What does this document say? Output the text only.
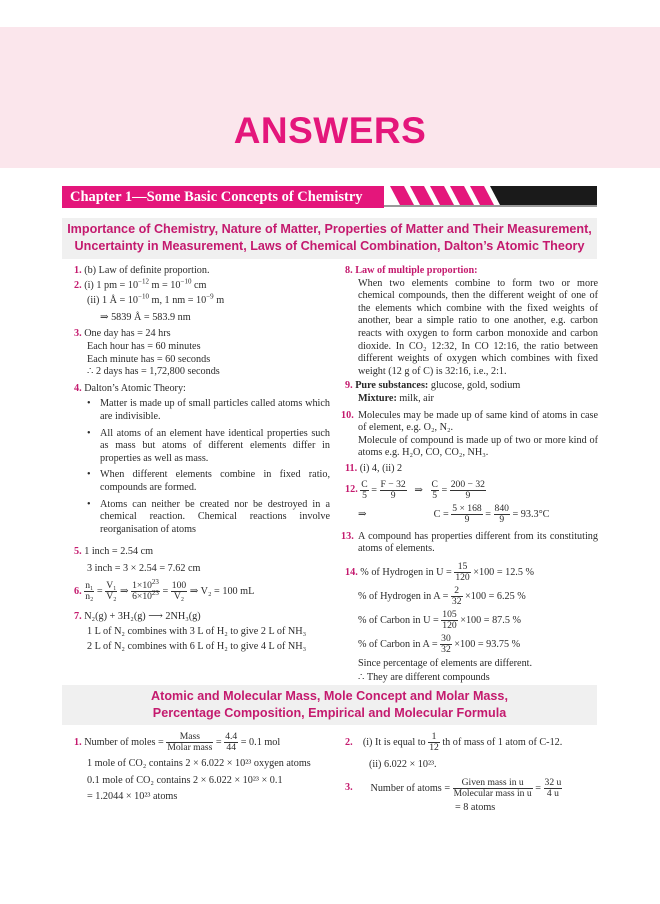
ANSWERS
Chapter 1—Some Basic Concepts of Chemistry
Importance of Chemistry, Nature of Matter, Properties of Matter and Their Measurement,
Uncertainty in Measurement, Laws of Chemical Combination, Dalton’s Atomic Theory
1. (b) Law of definite proportion.
2. (i) 1 pm = $10^{-12}$ $m = 10^{-10}$ cm
(ii) 1 Å = $10^{-10}$ m, 1 nm = $10^{-9}$ m
⇒ 5839 Å = 583.9 nm
3. One day has = 24 hrs
Each hour has = 60 minutes
Each minute has = 60 seconds
∴ 2 days has = 1,72,800 seconds
4. Dalton’s Atomic Theory:
• Matter is made up of small particles called atoms which are indivisible.
• All atoms of an element have identical properties such as mass but atoms of different elements differ in properties as well as mass.
• When different elements combine in fixed ratio, compounds are formed.
• Atoms can neither be created nor be destroyed in a chemical reaction. Chemical reactions involve reorganisation of atoms
5. 1 inch = 2.54 cm
3 inch = 3 × 2.54 = 7.62 cm
6. $\frac{\text{n₁}}{\text{n₂}} = \frac{\text{V₁}}{\text{V₂}}$ ⇒ $\frac{1\times 10^{23}}{6\times 10^{23}} = \frac{100}{\text{V₂}}$ ⇒ V₂ = 100 mL
7. N₂(g) + 3H₂(g) ⟶ 2NH₃(g)
1 L of N₂ combines with 3 L of H₂ to give 2 L of NH₃
2 L of N₂ combines with 6 L of H₂ to give 4 L of NH₃
8. Law of multiple proportion:
When two elements combine to form two or more chemical compounds, then the different weight of one of the elements which combine with the fixed weights of another, bear a simple ratio to one another, e.g. carbon reacts with oxygen to form carbon monoxide and carbon dioxide. In CO₂ 12:32, In CO 12:16, the ratio between different weights of oxygen which combines with fixed weight (12 g of C) is 32:16, i.e., 2:1.
9. Pure substances: glucose, gold, sodium
Mixture: milk, air
10. Molecules may be made up of same kind of atoms in case of element, e.g. O₂, N₂.
Molecule of compound is made up of two or more kind of atoms e.g. H₂O, CO, CO₂, NH₃.
11. (i) 4, (ii) 2
12. $\frac{C}{5} = \frac{F - 32}{9}$ ⇒ $\frac{C}{5} = \frac{200 - 32}{9}$
⇒	$C = \frac{5 \times 168}{9} = \frac{840}{9} = 93.3^\circ C$
13. A compound has properties different from its constituting atoms of elements.
14. % of Hydrogen in $U = \frac{15}{120} \times 100 = 12.5$ %
% of Hydrogen in $A = \frac{2}{32} \times 100 = 6.25$ %
% of Carbon in $U = \frac{105}{120} \times 100 = 87.5$ %
% of Carbon in $A = \frac{30}{32} \times 100 = 93.75$ %
Since percentage of elements are different.
∴ They are different compounds
Atomic and Molecular Mass, Mole Concept and Molar Mass,
Percentage Composition, Empirical and Molecular Formula
1. Number of moles = $\frac{\text{Mass}}{\text{Molar mass}} = \frac{4.4}{44} = 0.1$ mol
1 mole of CO₂ contains 2 × 6.022 × 10²³ oxygen atoms
0.1 mole of CO₂ contains 2 × 6.022 × 10²³ × 0.1
= 1.2044 × 10²³ atoms
2. (i) It is equal to $\frac{1}{12}$ th of mass of 1 atom of C-12.
(ii) 6.022 × 10²³.
3. Number of atoms = $\frac{\text{Given mass in u}}{\text{Molecular mass in u}} = \frac{32 u}{4 u}$
= 8 atoms
